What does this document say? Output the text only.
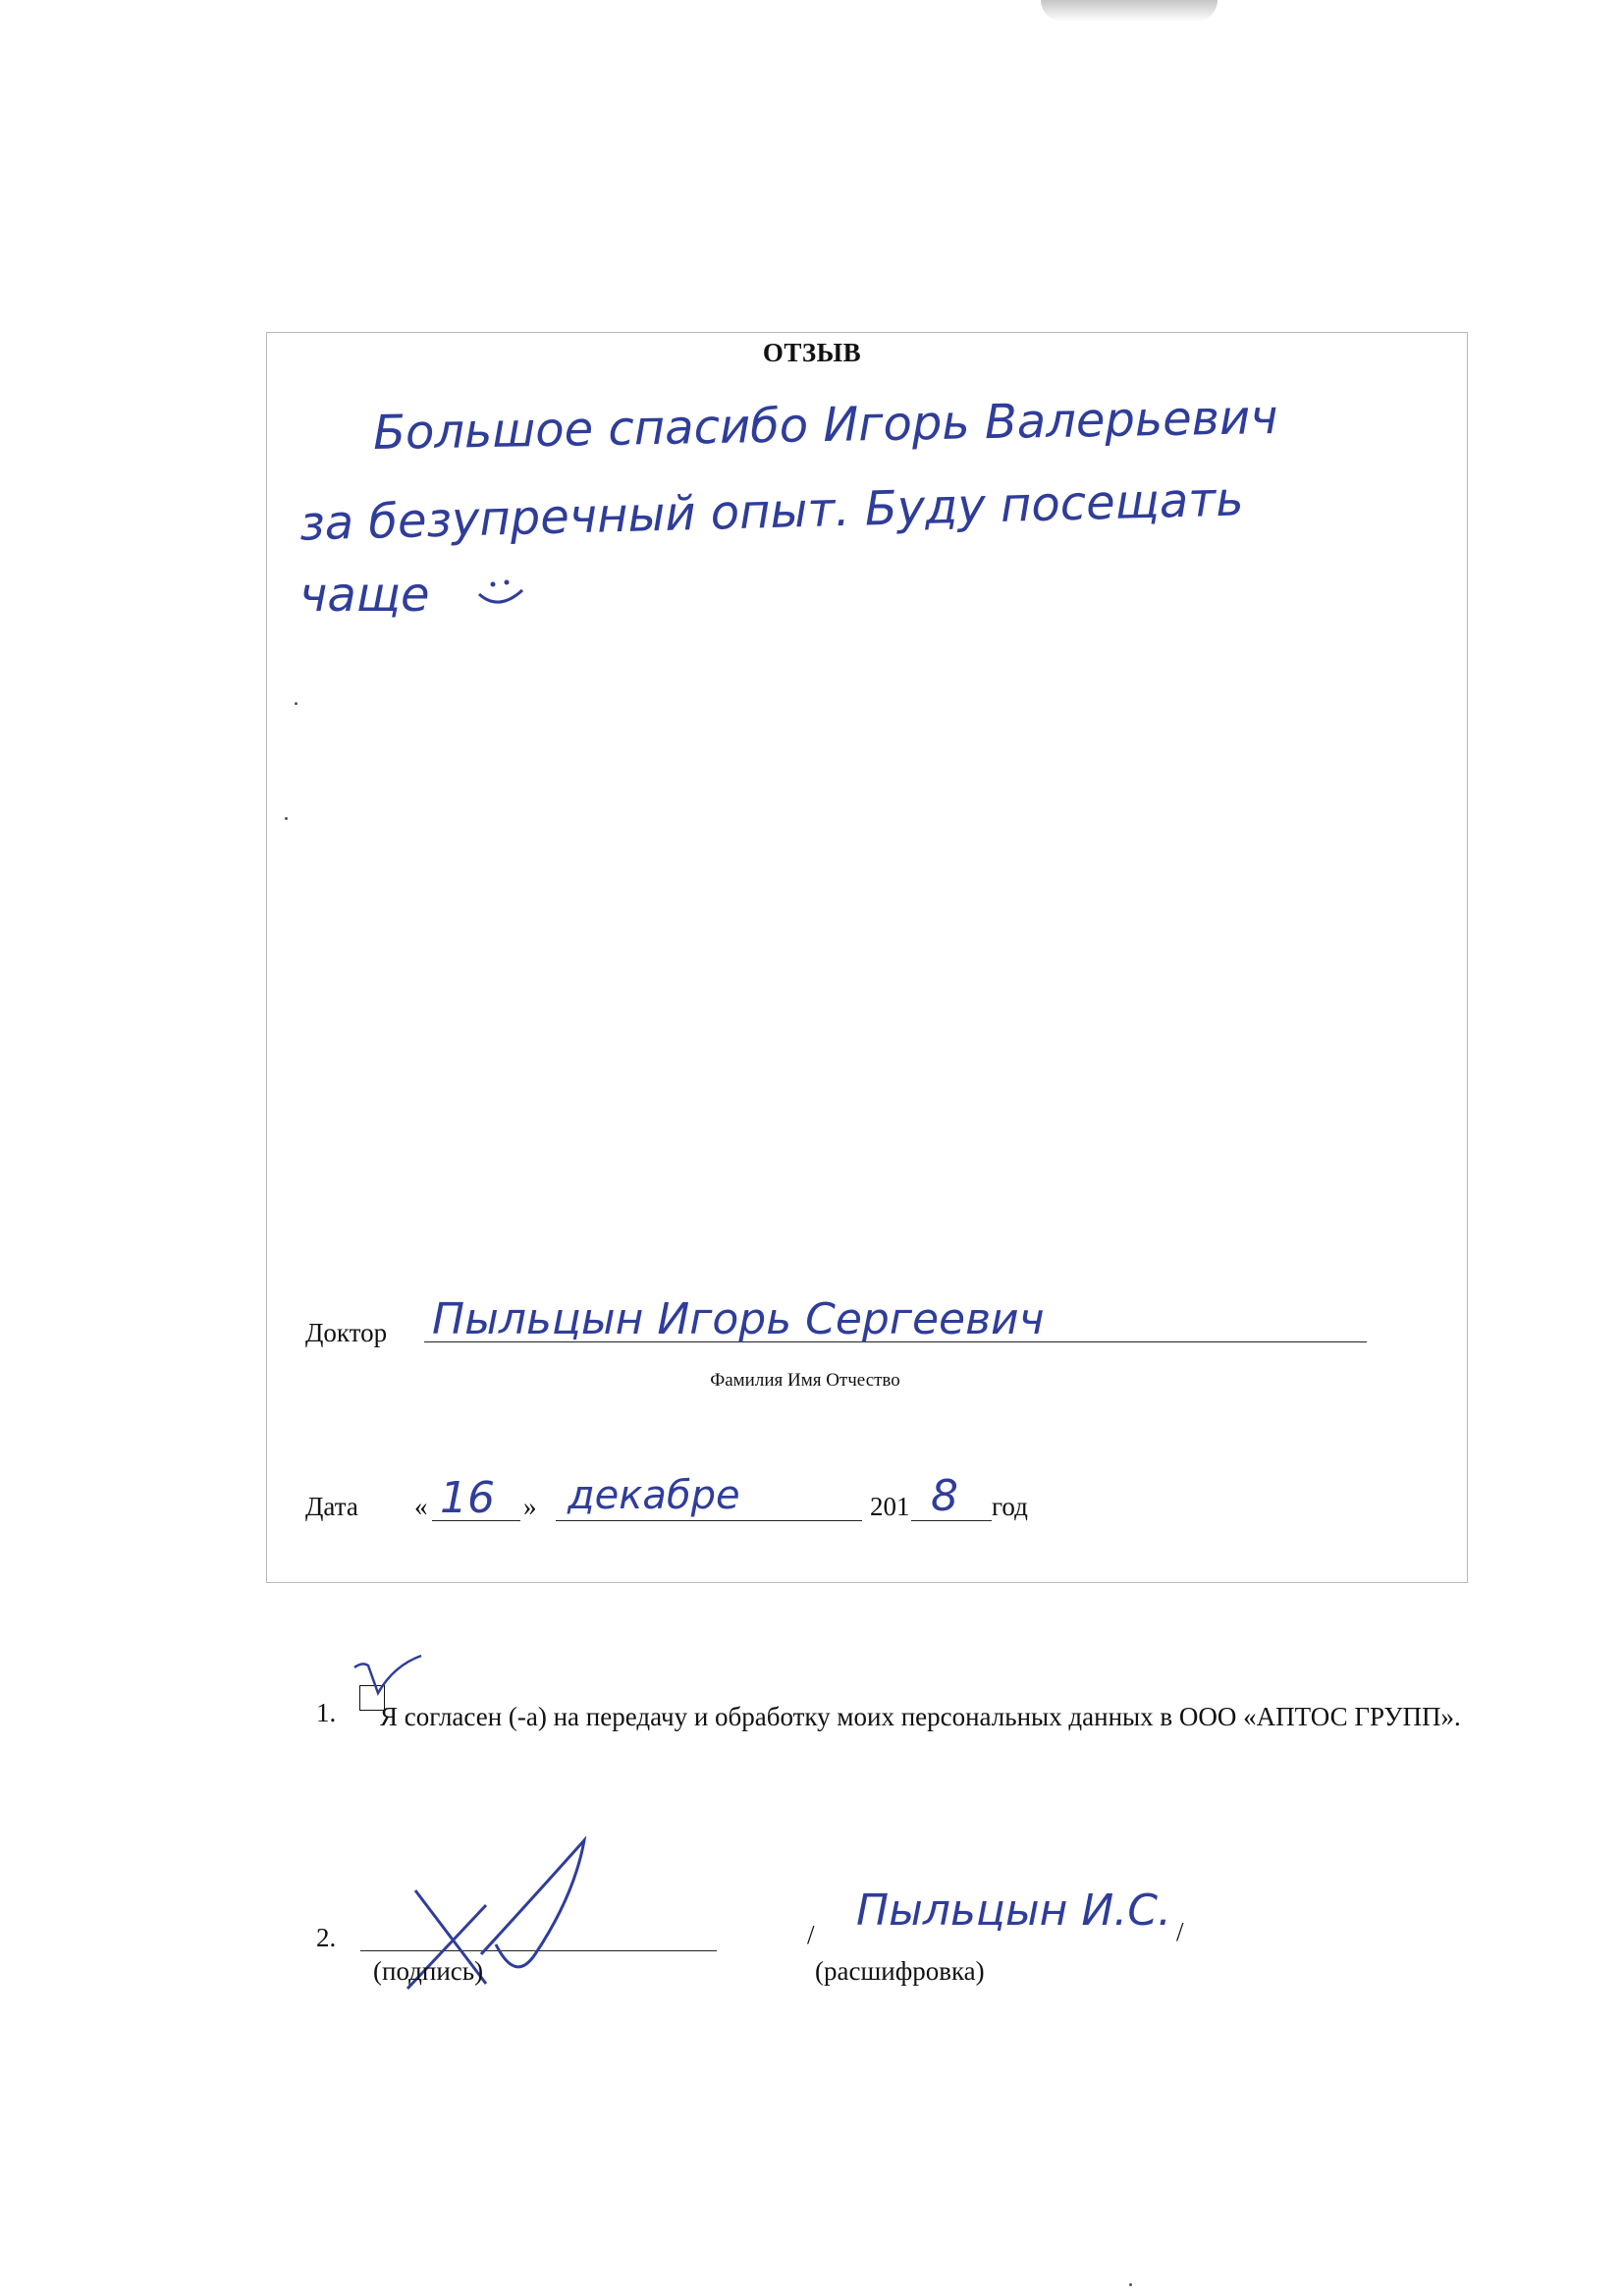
ОТЗЫВ
Большое спасибо Игорь Валерьевич
за безупречный опыт. Буду посещать
чаще
Доктор Пыльцын Игорь Сергеевич
Фамилия Имя Отчество
Дата « 16 » декабре	201 8 год
1.	Я согласен (-а) на передачу и обработку моих персональных данных в ООО «АПТОС ГРУПП».
2.
(подпись)
/ Пыльцын И.С. /
(расшифровка)
